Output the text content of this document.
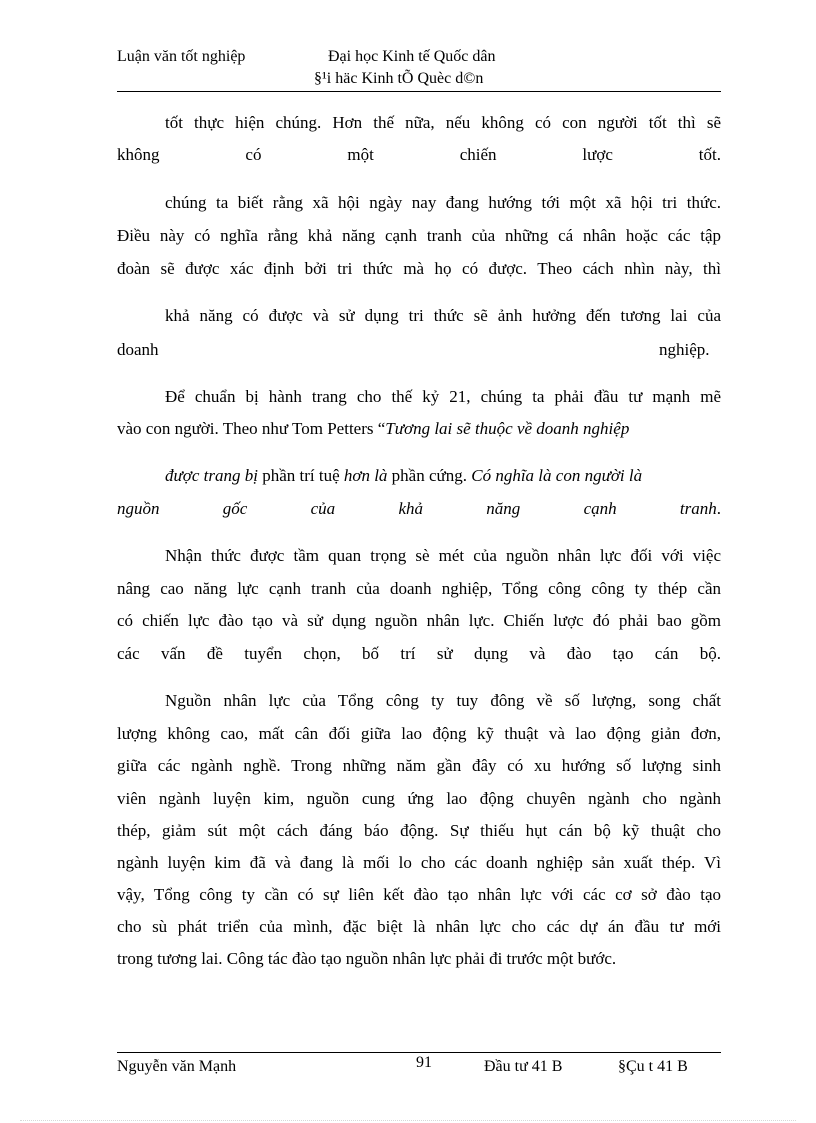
Luận văn tốt nghiệp	Đại học Kinh tế Quốc dân
§¹i häc Kinh tÕ Quèc d©n
tốt thực hiện chúng. Hơn thế nữa, nếu không có con người tốt thì sẽ
không có một chiến lược tốt.
chúng ta biết rằng xã hội ngày nay đang hướng tới một xã hội tri thức.
Điều này có nghĩa rằng khả năng cạnh tranh của những cá nhân hoặc các tập
đoàn sẽ được xác định bởi tri thức mà họ có được. Theo cách nhìn này, thì
khả năng có được và sử dụng tri thức sẽ ảnh hưởng đến tương lai của
doanh	nghiệp.
Để chuẩn bị hành trang cho thế kỷ 21, chúng ta phải đầu tư mạnh mẽ
vào con người. Theo như Tom Petters “Tương lai sẽ thuộc về doanh nghiệp
được trang bị phần trí tuệ hơn là phần cứng. Có nghĩa là con người là
nguồn gốc của khả năng cạnh tranh .
Nhận thức được tầm quan trọng sè mét của nguồn nhân lực đối với việc
nâng cao năng lực cạnh tranh của doanh nghiệp, Tổng công công ty thép cần
có chiến lực đào tạo và sử dụng nguồn nhân lực. Chiến lược đó phải bao gồm
các vấn đề tuyển chọn, bố trí sử dụng và đào tạo cán bộ.
Nguồn nhân lực của Tổng công ty tuy đông về số lượng, song chất
lượng không cao, mất cân đối giữa lao động kỹ thuật và lao động giản đơn,
giữa các ngành nghề. Trong những năm gần đây có xu hướng số lượng sinh
viên ngành luyện kim, nguồn cung ứng lao động chuyên ngành cho ngành
thép, giảm sút một cách đáng báo động. Sự thiếu hụt cán bộ kỹ thuật cho
ngành luyện kim đã và đang là mối lo cho các doanh nghiệp sản xuất thép. Vì
vậy, Tổng công ty cần có sự liên kết đào tạo nhân lực với các cơ sở đào tạo
cho sù phát triển của mình, đặc biệt là nhân lực cho các dự án đầu tư mới
trong tương lai. Công tác đào tạo nguồn nhân lực phải đi trước một bước.
Nguyễn văn Mạnh	91	Đầu tư 41 B	§Çu t 41 B
